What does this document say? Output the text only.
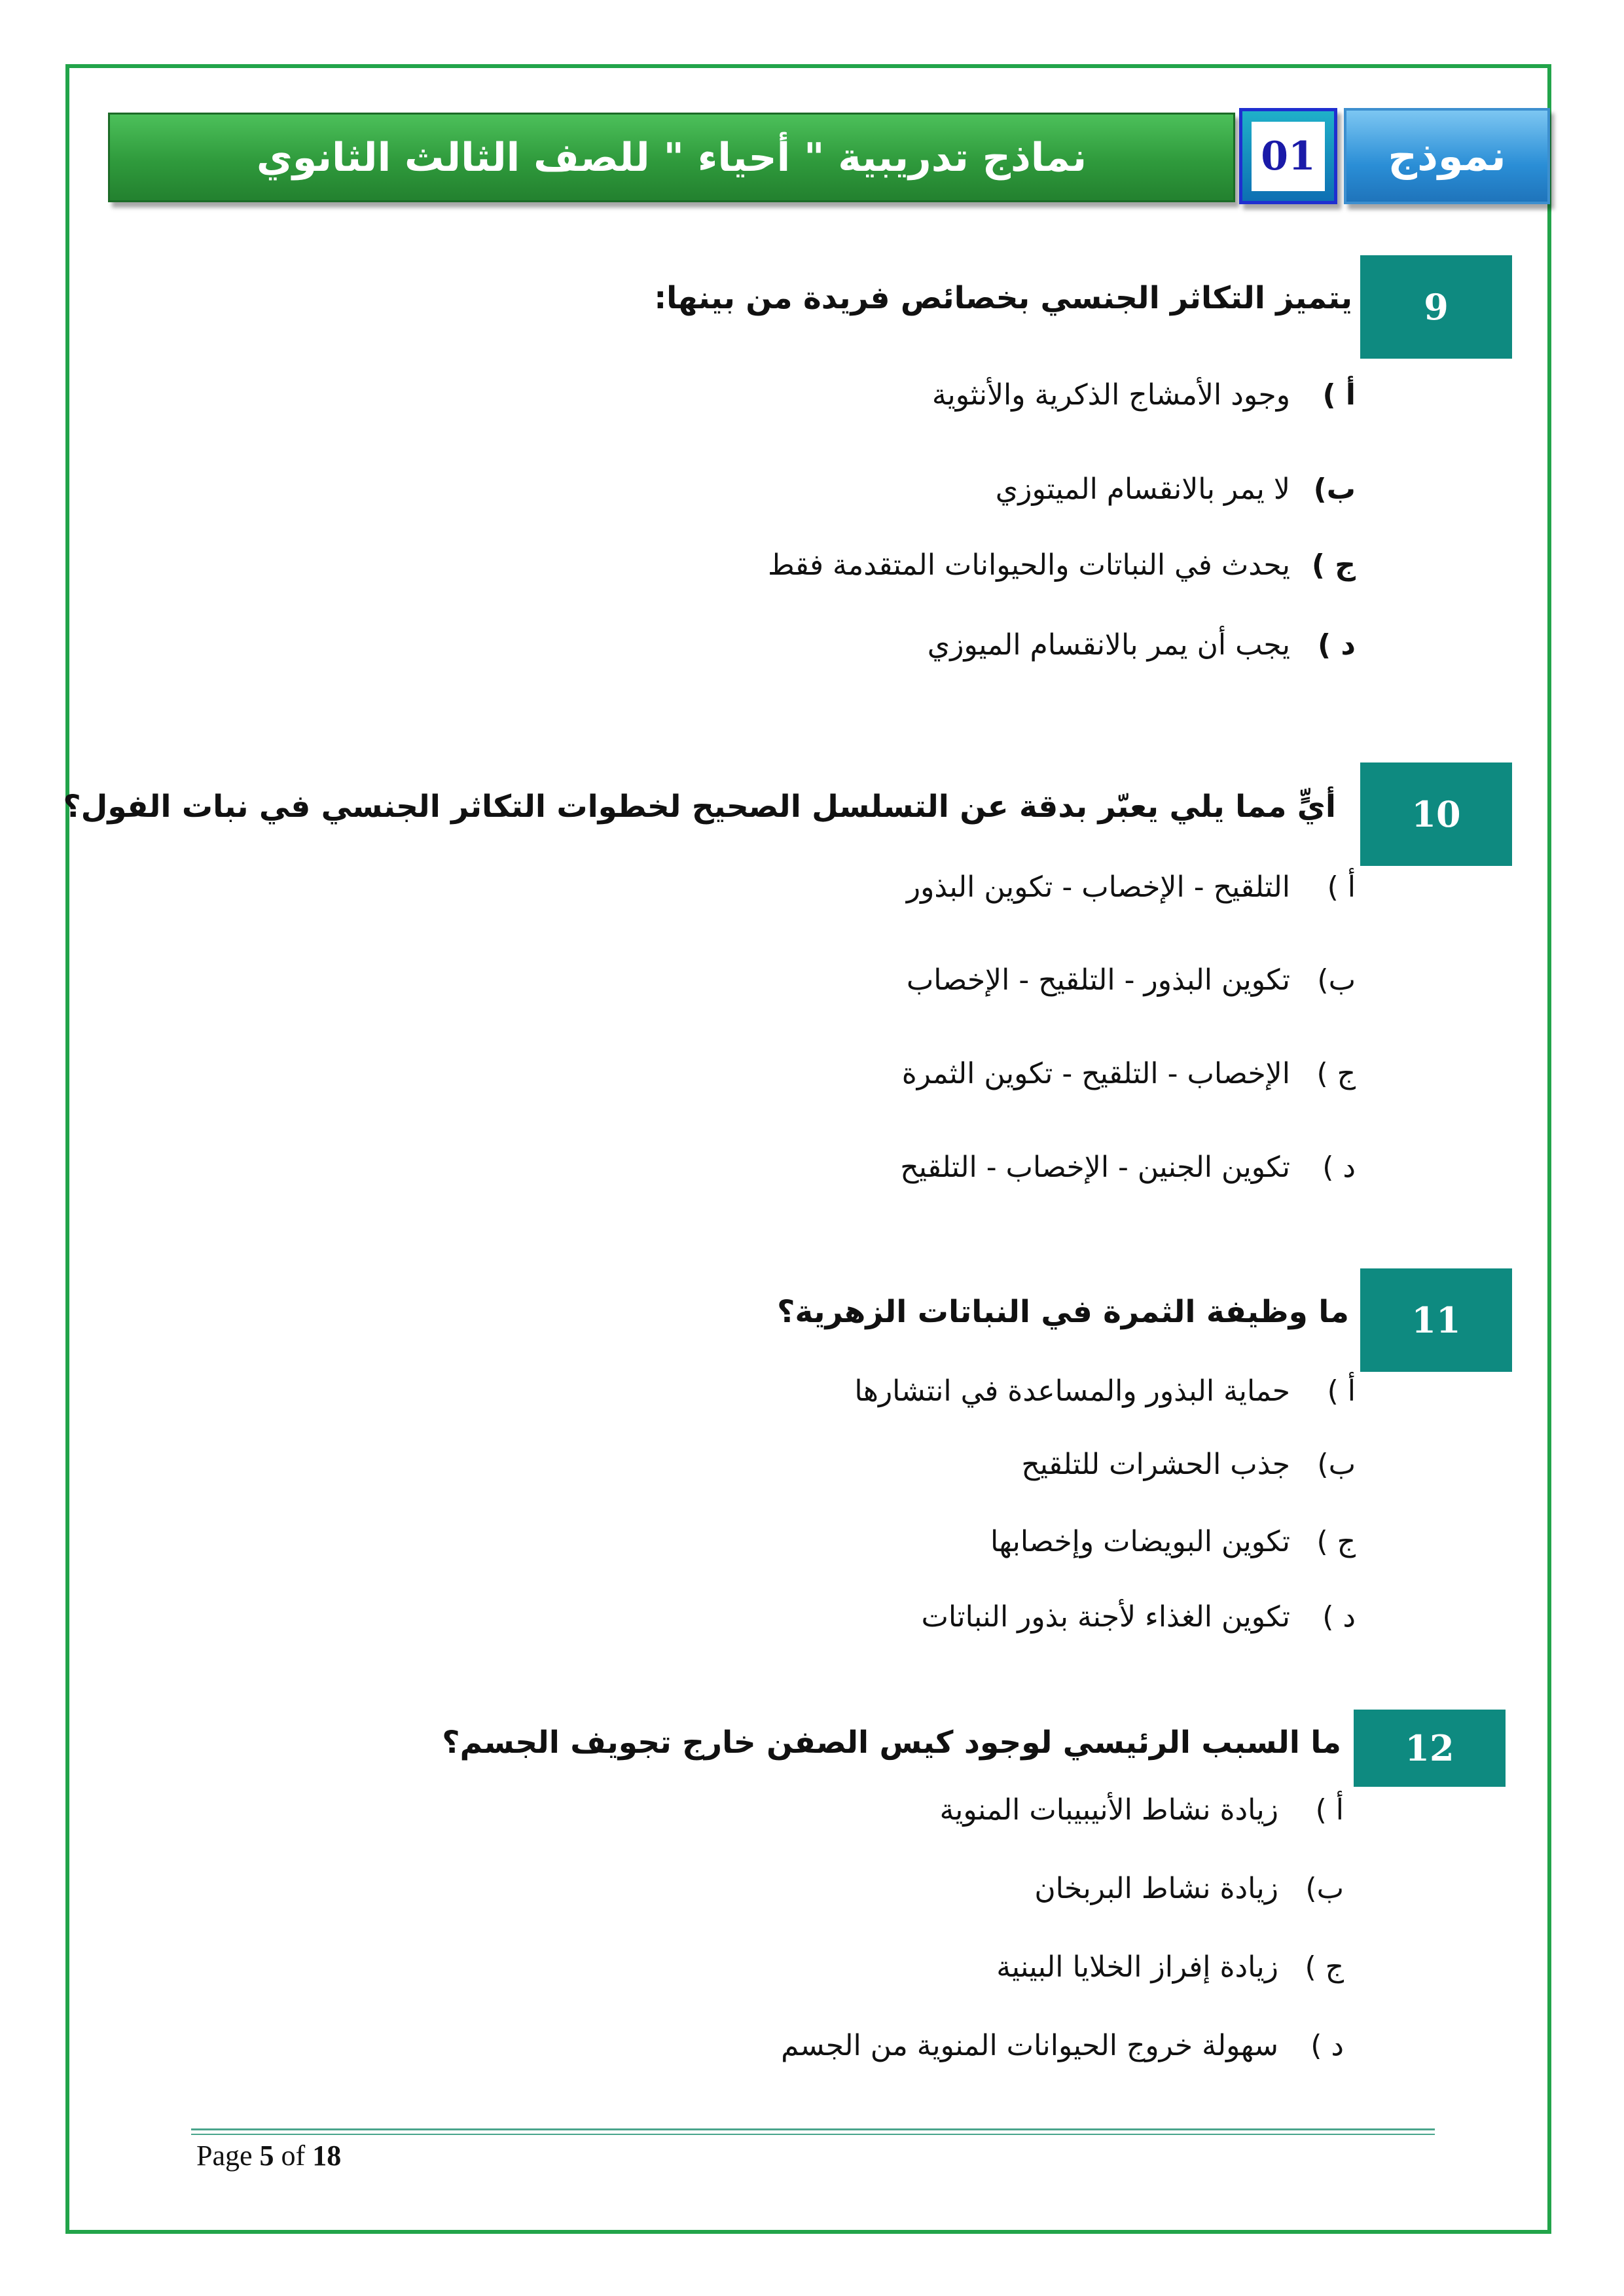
نماذج تدريبية " أحياء " للصف الثالث الثانوي	01	نموذج
9
يتميز التكاثر الجنسي بخصائص فريدة من بينها:
أ )
وجود الأمشاج الذكرية والأنثوية
ب)
لا يمر بالانقسام الميتوزي
ج )
يحدث في النباتات والحيوانات المتقدمة فقط
د )
يجب أن يمر بالانقسام الميوزي
10
أيٍّ مما يلي يعبّر بدقة عن التسلسل الصحيح لخطوات التكاثر الجنسي في نبات الفول؟
أ )
التلقيح - الإخصاب - تكوين البذور
ب)
تكوين البذور - التلقيح - الإخصاب
ج )
الإخصاب - التلقيح - تكوين الثمرة
د )
تكوين الجنين - الإخصاب - التلقيح
11
ما وظيفة الثمرة في النباتات الزهرية؟
أ )
حماية البذور والمساعدة في انتشارها
ب)
جذب الحشرات للتلقيح
ج )
تكوين البويضات وإخصابها
د )
تكوين الغذاء لأجنة بذور النباتات
12
ما السبب الرئيسي لوجود كيس الصفن خارج تجويف الجسم؟
أ )
زيادة نشاط الأنيبيبات المنوية
ب)
زيادة نشاط البربخان
ج )
زيادة إفراز الخلايا البينية
د )
سهولة خروج الحيوانات المنوية من الجسم
Page 5 of 18
